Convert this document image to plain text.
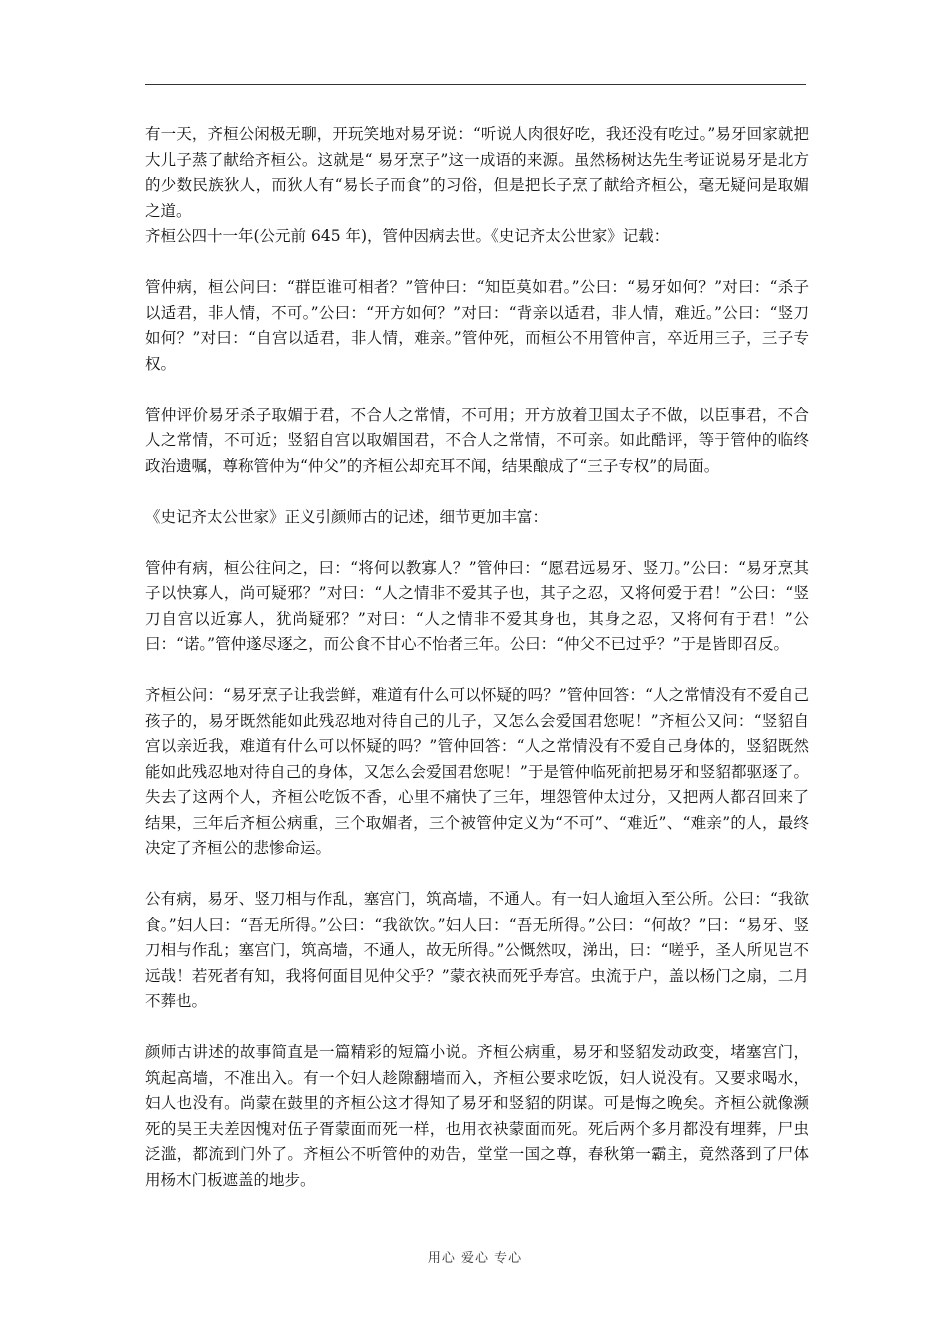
有一天，齐桓公闲极无聊，开玩笑地对易牙说：“听说人肉很好吃，我还没有吃过。”易牙回家就把大儿子蒸了献给齐桓公。这就是“ 易牙烹子”这一成语的来源。虽然杨树达先生考证说易牙是北方的少数民族狄人，而狄人有“易长子而食”的习俗，但是把长子烹了献给齐桓公，毫无疑问是取媚之道。

齐桓公四十一年(公元前 645 年)，管仲因病去世。《史记齐太公世家》记载：

管仲病，桓公问曰：“群臣谁可相者？”管仲曰：“知臣莫如君。”公曰：“易牙如何？”对曰：“杀子以适君，非人情，不可。”公曰：“开方如何？”对曰：“背亲以适君，非人情，难近。”公曰：“竖刀如何？”对曰：“自宫以适君，非人情，难亲。”管仲死，而桓公不用管仲言，卒近用三子，三子专权。

管仲评价易牙杀子取媚于君，不合人之常情，不可用；开方放着卫国太子不做，以臣事君，不合人之常情，不可近；竖貂自宫以取媚国君，不合人之常情，不可亲。如此酷评，等于管仲的临终政治遗嘱，尊称管仲为“仲父”的齐桓公却充耳不闻，结果酿成了“三子专权”的局面。

《史记齐太公世家》正义引颜师古的记述，细节更加丰富：

管仲有病，桓公往问之，曰：“将何以教寡人？”管仲曰：“愿君远易牙、竖刀。”公曰：“易牙烹其子以快寡人，尚可疑邪？”对曰：“人之情非不爱其子也，其子之忍，又将何爱于君！”公曰：“竖刀自宫以近寡人，犹尚疑邪？”对曰：“人之情非不爱其身也，其身之忍，又将何有于君！”公曰：“诺。”管仲遂尽逐之，而公食不甘心不怡者三年。公曰：“仲父不已过乎？”于是皆即召反。

齐桓公问：“易牙烹子让我尝鲜，难道有什么可以怀疑的吗？”管仲回答：“人之常情没有不爱自己孩子的，易牙既然能如此残忍地对待自己的儿子，又怎么会爱国君您呢！”齐桓公又问：“竖貂自宫以亲近我，难道有什么可以怀疑的吗？”管仲回答：“人之常情没有不爱自己身体的，竖貂既然能如此残忍地对待自己的身体，又怎么会爱国君您呢！”于是管仲临死前把易牙和竖貂都驱逐了。失去了这两个人，齐桓公吃饭不香，心里不痛快了三年，埋怨管仲太过分，又把两人都召回来了结果，三年后齐桓公病重，三个取媚者，三个被管仲定义为“不可”、“难近”、“难亲”的人，最终决定了齐桓公的悲惨命运。

公有病，易牙、竖刀相与作乱，塞宫门，筑高墙，不通人。有一妇人逾垣入至公所。公曰：“我欲食。”妇人曰：“吾无所得。”公曰：“我欲饮。”妇人曰：“吾无所得。”公曰：“何故？”曰：“易牙、竖刀相与作乱；塞宫门，筑高墙，不通人，故无所得。”公慨然叹，涕出，曰：“嗟乎，圣人所见岂不远哉！若死者有知，我将何面目见仲父乎？”蒙衣袂而死乎寿宫。虫流于户，盖以杨门之扇，二月不葬也。

颜师古讲述的故事简直是一篇精彩的短篇小说。齐桓公病重，易牙和竖貂发动政变，堵塞宫门，筑起高墙，不准出入。有一个妇人趁隙翻墙而入，齐桓公要求吃饭，妇人说没有。又要求喝水，妇人也没有。尚蒙在鼓里的齐桓公这才得知了易牙和竖貂的阴谋。可是悔之晚矣。齐桓公就像濒死的吴王夫差因愧对伍子胥蒙面而死一样，也用衣袂蒙面而死。死后两个多月都没有埋葬，尸虫泛滥，都流到门外了。齐桓公不听管仲的劝告，堂堂一国之尊，春秋第一霸主，竟然落到了尸体用杨木门板遮盖的地步。

用心 爱心 专心
